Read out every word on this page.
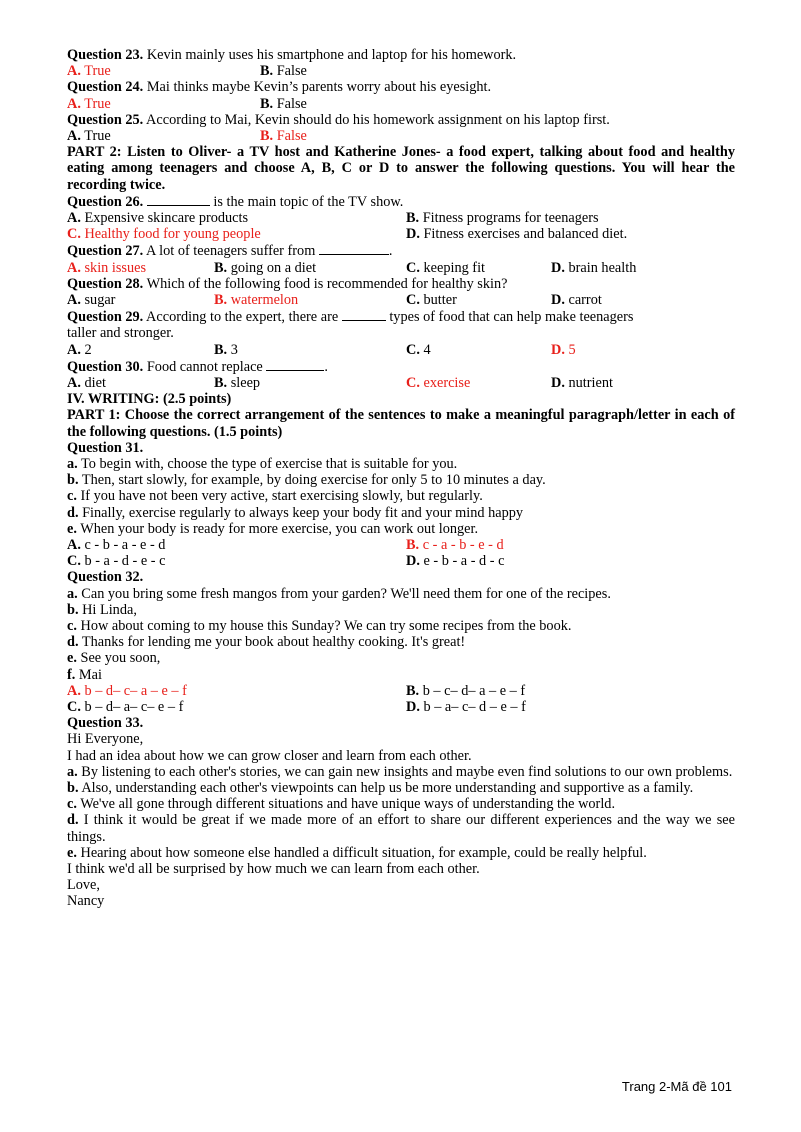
Question 23. Kevin mainly uses his smartphone and laptop for his homework.
A. True	B. False
Question 24. Mai thinks maybe Kevin’s parents worry about his eyesight.
A. True	B. False
Question 25. According to Mai, Kevin should do his homework assignment on his laptop first.
A. True	B. False
PART 2: Listen to Oliver- a TV host and Katherine Jones- a food expert, talking about food and healthy eating among teenagers and choose A, B, C or D to answer the following questions. You will hear the recording twice.
Question 26.	is the main topic of the TV show.
A. Expensive skincare products	B. Fitness programs for teenagers
C. Healthy food for young people	D. Fitness exercises and balanced diet.
Question 27. A lot of teenagers suffer from	.
A. skin issues	B. going on a diet	C. keeping fit	D. brain health
Question 28. Which of the following food is recommended for healthy skin?
A. sugar	B. watermelon	C. butter	D. carrot
Question 29. According to the expert, there are	types of food that can help make teenagers
taller and stronger.
A. 2	B. 3	C. 4	D. 5
Question 30. Food cannot replace	.
A. diet	B. sleep	C. exercise	D. nutrient
IV. WRITING: (2.5 points)
PART 1: Choose the correct arrangement of the sentences to make a meaningful paragraph/letter in each of the following questions. (1.5 points)
Question 31.
a. To begin with, choose the type of exercise that is suitable for you.
b. Then, start slowly, for example, by doing exercise for only 5 to 10 minutes a day.
c. If you have not been very active, start exercising slowly, but regularly.
d. Finally, exercise regularly to always keep your body fit and your mind happy
e. When your body is ready for more exercise, you can work out longer.
A. c - b - a - e - d	B. c - a - b - e - d
C. b - a - d - e - c	D. e - b - a - d - c
Question 32.
a. Can you bring some fresh mangos from your garden? We'll need them for one of the recipes.
b. Hi Linda,
c. How about coming to my house this Sunday? We can try some recipes from the book.
d. Thanks for lending me your book about healthy cooking. It's great!
e. See you soon,
f. Mai
A. b – d– c– a – e – f	B. b – c– d– a – e – f
C. b – d– a– c– e – f	D. b – a– c– d – e – f
Question 33.
Hi Everyone,
I had an idea about how we can grow closer and learn from each other.
a. By listening to each other's stories, we can gain new insights and maybe even find solutions to our own problems.
b. Also, understanding each other's viewpoints can help us be more understanding and supportive as a family.
c. We've all gone through different situations and have unique ways of understanding the world.
d. I think it would be great if we made more of an effort to share our different experiences and the way we see things.
e. Hearing about how someone else handled a difficult situation, for example, could be really helpful.
I think we'd all be surprised by how much we can learn from each other.
Love,
Nancy
Trang 2-Mã đề 101
